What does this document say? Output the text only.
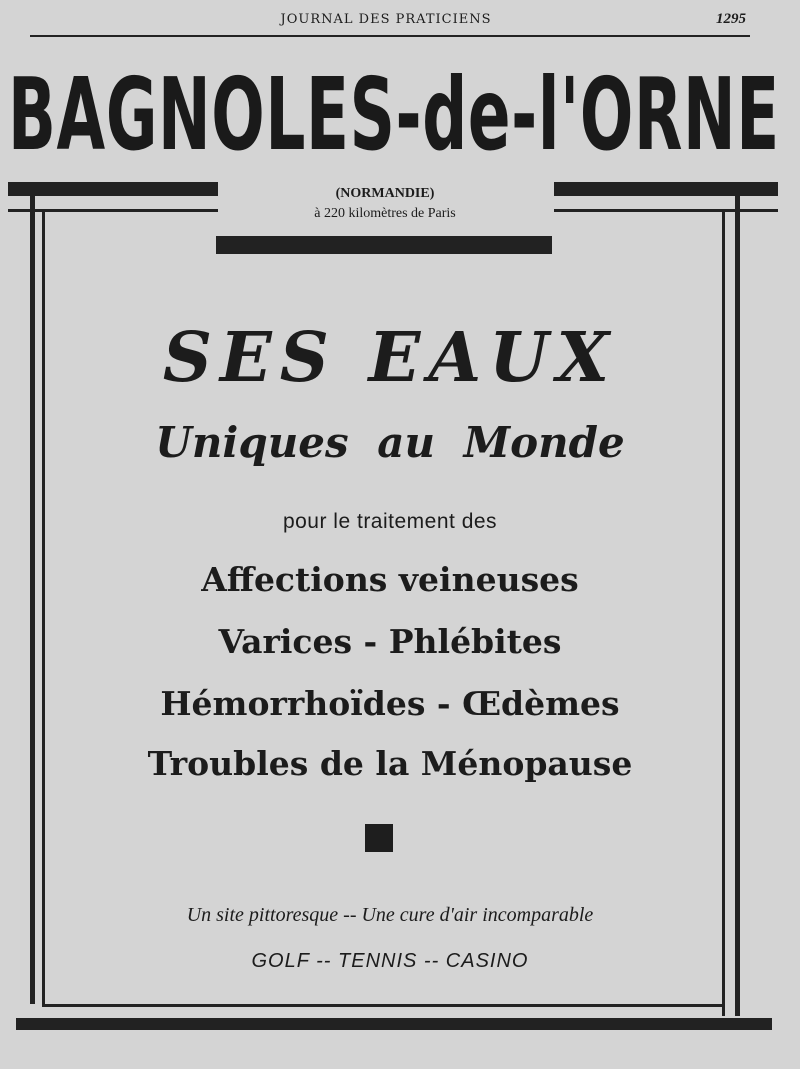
JOURNAL DES PRATICIENS	1295
BAGNOLES-de-l'ORNE
(NORMANDIE)
à 220 kilomètres de Paris
SES EAUX
Uniques au Monde
pour le traitement des
Affections veineuses
Varices - Phlébites
Hémorrhoïdes - Œdèmes
Troubles de la Ménopause
Un site pittoresque -- Une cure d'air incomparable
GOLF -- TENNIS -- CASINO
